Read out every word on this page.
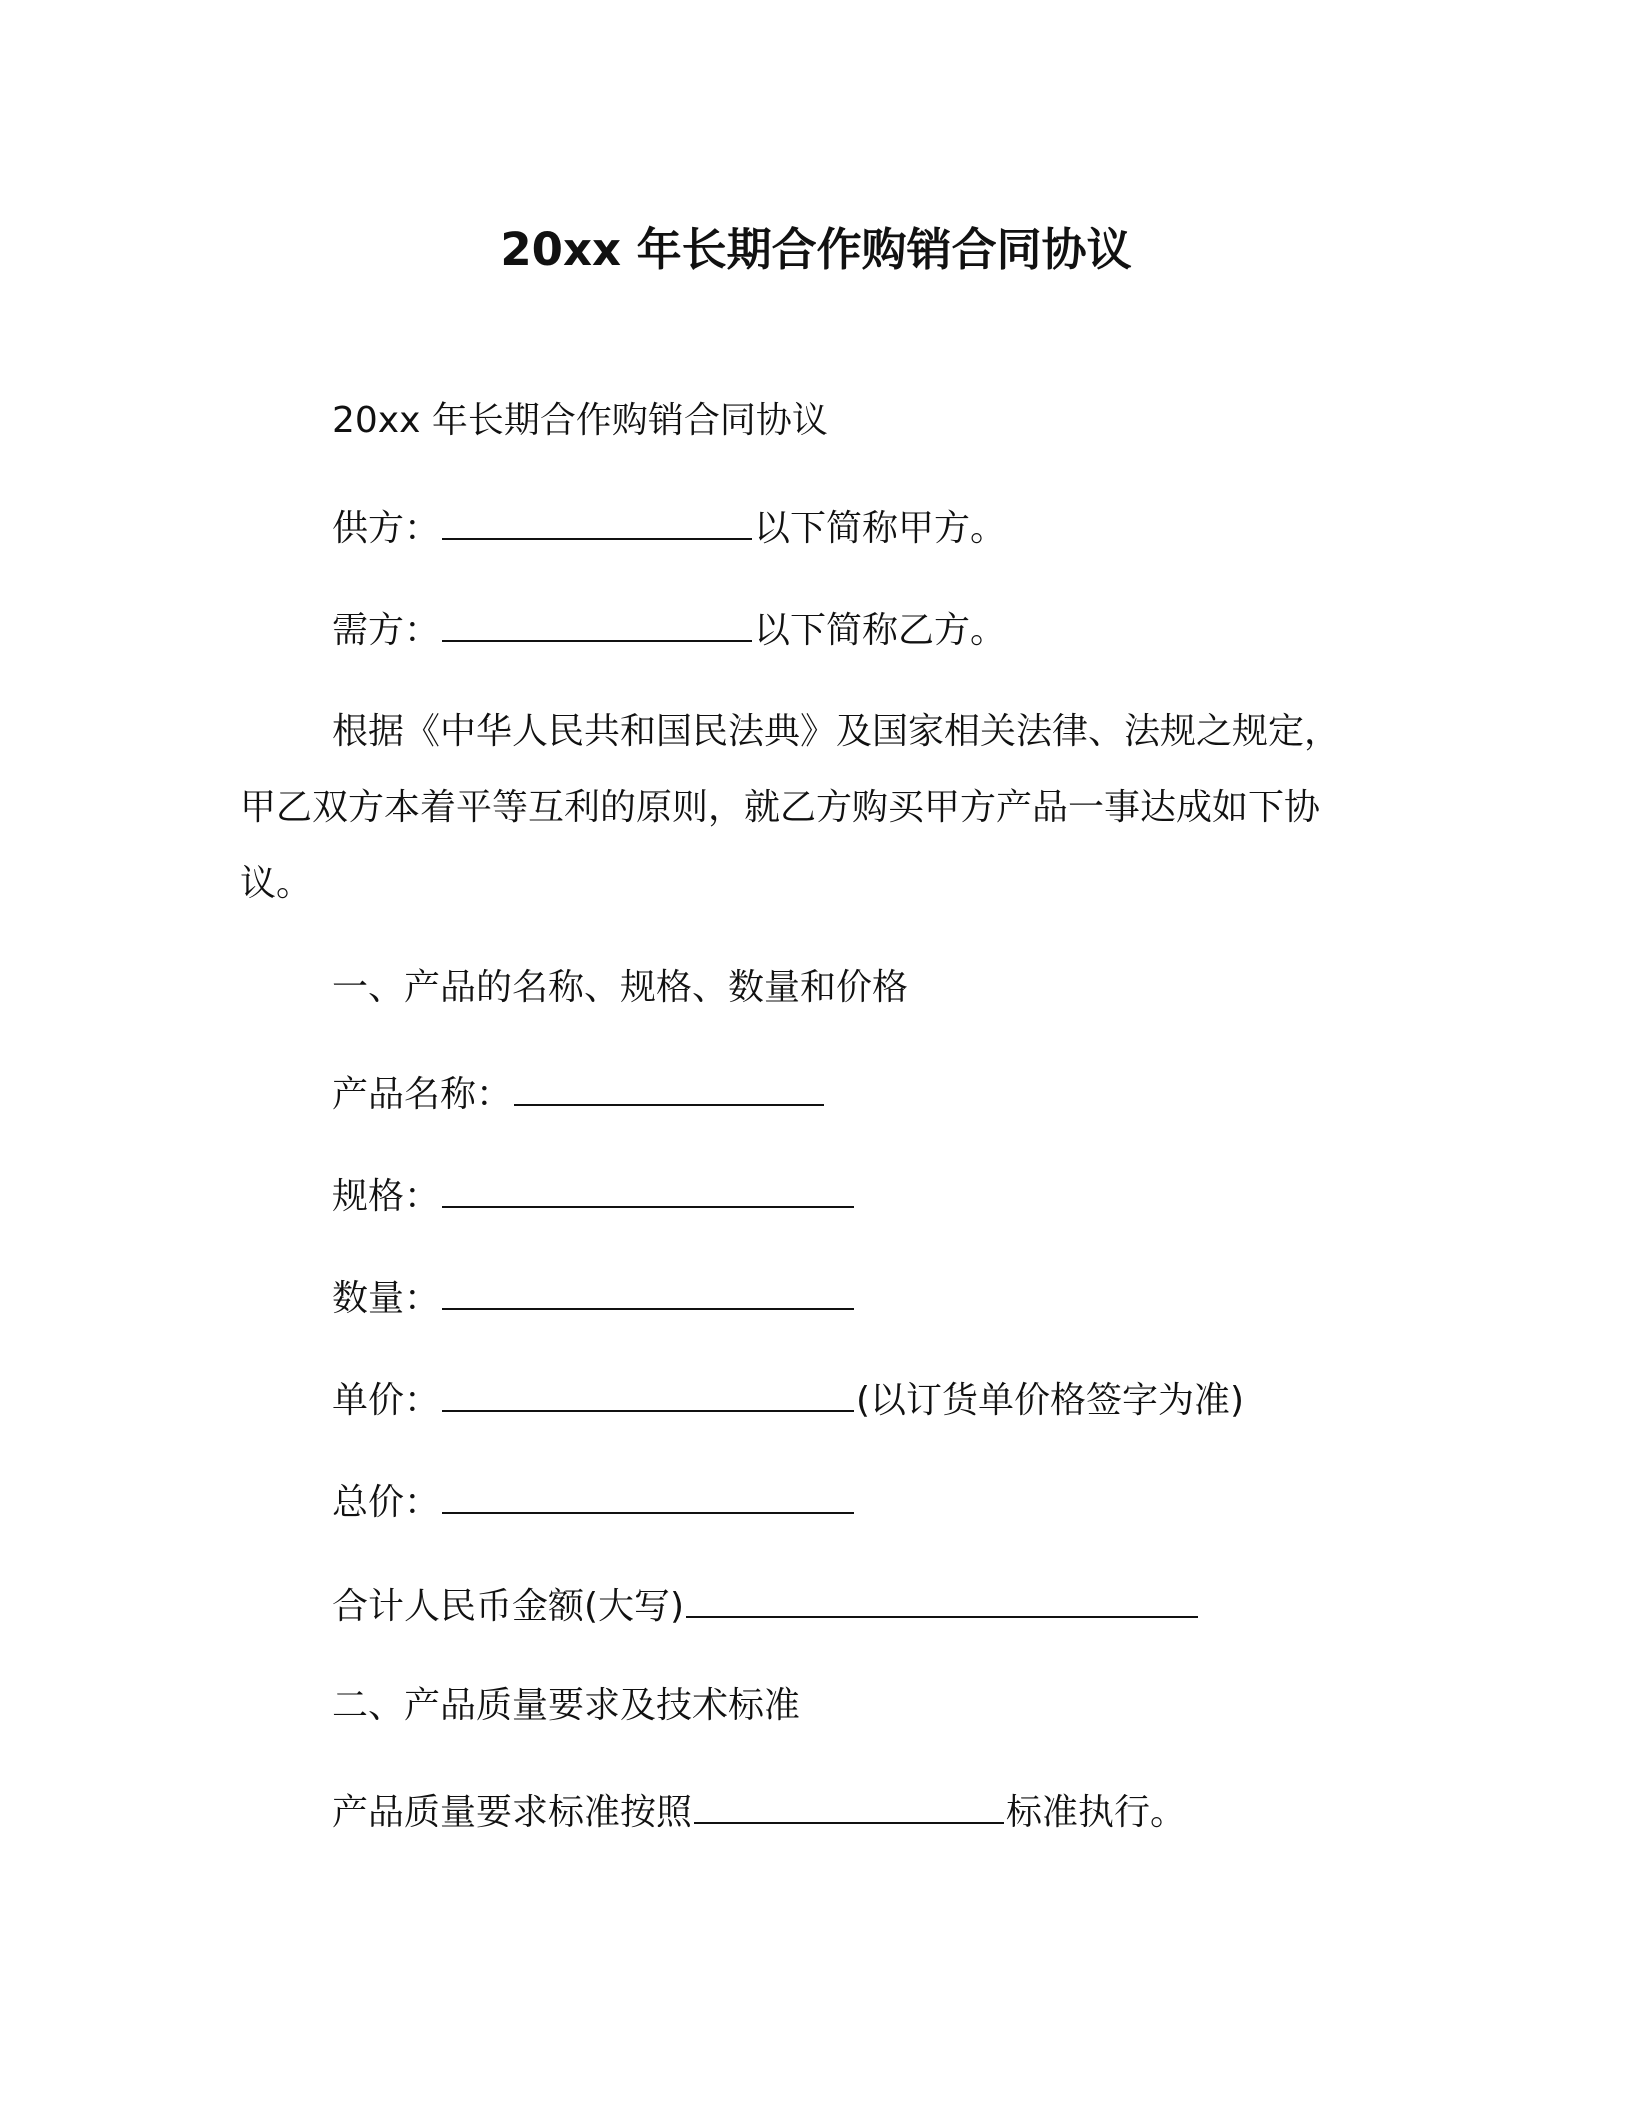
20xx 年长期合作购销合同协议

20xx 年长期合作购销合同协议

供方：	以下简称甲方。

需方：	以下简称乙方。

根据《中华人民共和国民法典》及国家相关法律、法规之规定，

甲乙双方本着平等互利的原则，就乙方购买甲方产品一事达成如下协

议。

一、产品的名称、规格、数量和价格

产品名称：

规格：

数量：

单价：	(以订货单价格签字为准)

总价：

合计人民币金额(大写)

二、产品质量要求及技术标准

产品质量要求标准按照	标准执行。
